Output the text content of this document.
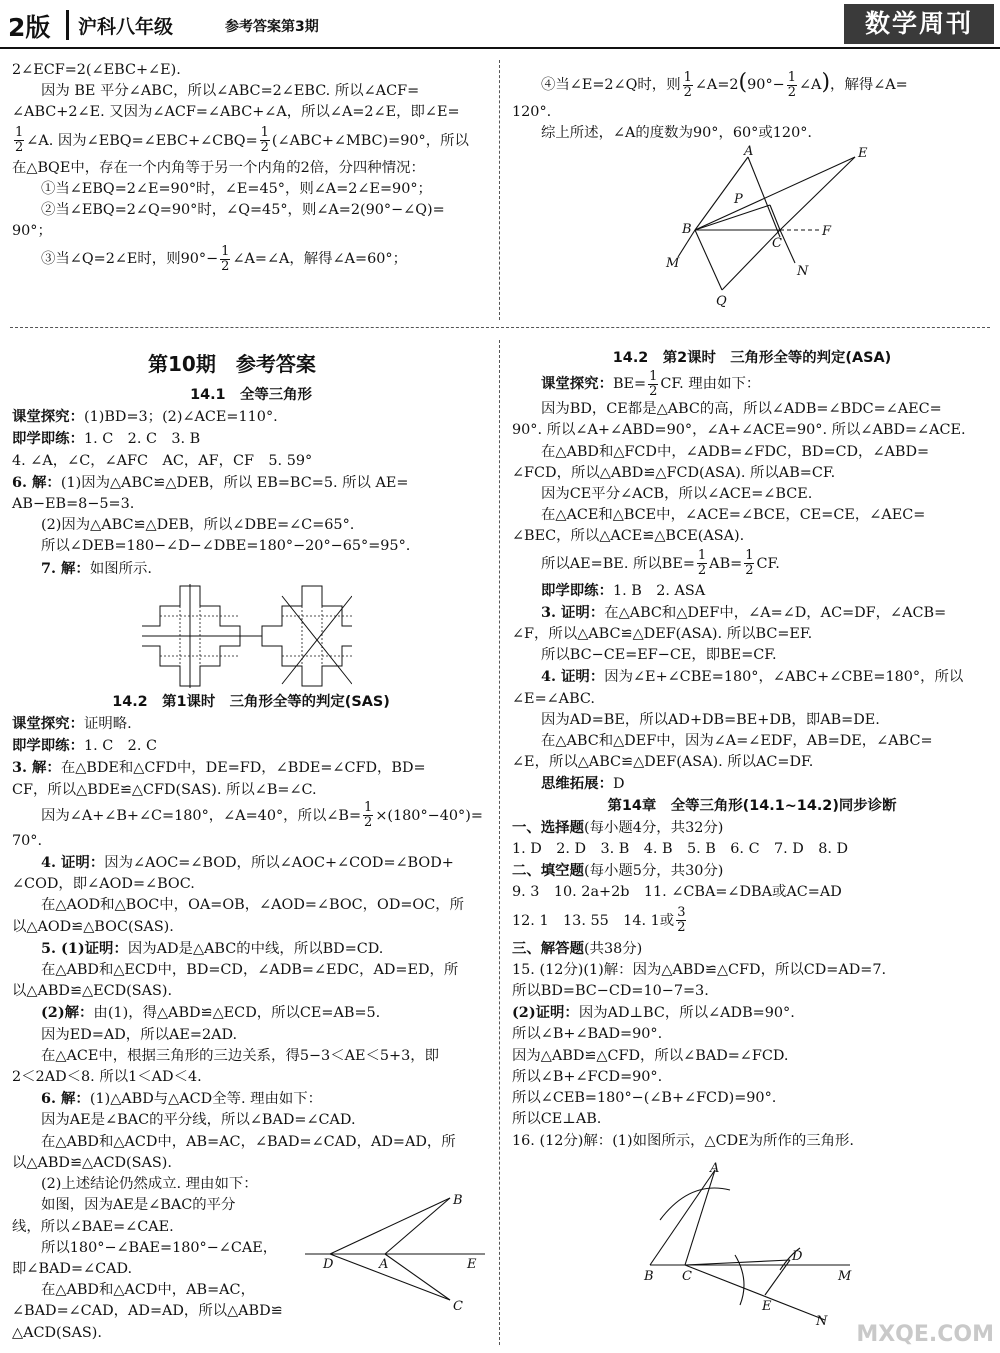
2版 沪科八年级	参考答案第3期	数学周刊

2∠ECF=2(∠EBC+∠E).

因为 BE 平分∠ABC，所以∠ABC=2∠EBC. 所以∠ACF=

∠ABC+2∠E. 又因为∠ACF=∠ABC+∠A，所以∠A=2∠E，即∠E=

$\frac{1}{2}$ ∠A. 因为∠EBQ=∠EBC+∠CBQ= $\frac{1}{2}$ (∠ABC+∠MBC)=90°，所以

在△BQE中，存在一个内角等于另一个内角的2倍，分四种情况：

①当∠EBQ=2∠E=90°时，∠E=45°，则∠A=2∠E=90°；

②当∠EBQ=2∠Q=90°时，∠Q=45°，则∠A=2(90°−∠Q)=

90°；

③当∠Q=2∠E时，则$90^\circ- \frac{1}{2}$ ∠A=∠A，解得∠A=60°；

④当∠E=2∠Q时，则 $\frac{1}{2}$ ∠A=2(90°− $\frac{1}{2}$ ∠A)，解得∠A=

120°.

综上所述，∠A的度数为90°，60°或120°.

A	E
P
B
C
F
M
N
Q
第10期　参考答案

14.1　全等三角形

课堂探究：(1)BD=3；(2)∠ACE=110°.

即学即练：1. C　2. C　3. B

4. ∠A，∠C，∠AFC　AC，AF，CF　5. 59°

6. 解：(1)因为△ABC≌△DEB，所以 EB=BC=5. 所以 AE=

AB−EB=8−5=3.

(2)因为△ABC≌△DEB，所以∠DBE=∠C=65°.

所以∠DEB=180−∠D−∠DBE=180°−20°−65°=95°.

7. 解：如图所示.

14.2　第1课时　三角形全等的判定(SAS)

课堂探究：证明略.

即学即练：1. C　2. C

3. 解：在△BDE和△CFD中，DE=FD，∠BDE=∠CFD，BD=

CF，所以△BDE≌△CFD(SAS). 所以∠B=∠C.

因为∠A+∠B+∠C=180°，∠A=40°，所以∠B= $\frac{1}{2} \times(180^\circ-40^\circ)=$

70°.

4. 证明：因为∠AOC=∠BOD，所以∠AOC+∠COD=∠BOD+

∠COD，即∠AOD=∠BOC.

在△AOD和△BOC中，OA=OB，∠AOD=∠BOC，OD=OC，所

以△AOD≌△BOC(SAS).

5. (1)证明：因为AD是△ABC的中线，所以BD=CD.

在△ABD和△ECD中，BD=CD，∠ADB=∠EDC，AD=ED，所

以△ABD≌△ECD(SAS).

(2)解：由(1)，得△ABD≌△ECD，所以CE=AB=5.

因为ED=AD，所以AE=2AD.

在△ACE中，根据三角形的三边关系，得5−3＜AE＜5+3，即

2＜2AD＜8. 所以1＜AD＜4.

6. 解：(1)△ABD与△ACD全等. 理由如下：

因为AE是∠BAC的平分线，所以∠BAD=∠CAD.

在△ABD和△ACD中，AB=AC，∠BAD=∠CAD，AD=AD，所

以△ABD≌△ACD(SAS).

(2)上述结论仍然成立. 理由如下：

如图，因为AE是∠BAC的平分

线，所以∠BAE=∠CAE.

所以180°−∠BAE=180°−∠CAE，

即∠BAD=∠CAD.

在△ABD和△ACD中，AB=AC，

∠BAD=∠CAD，AD=AD，所以△ABD≌

△ACD(SAS).

B
D	A	E
C

14.2　第2课时　三角形全等的判定(ASA)

课堂探究：$BE= \frac{1}{2}$ CF. 理由如下：

因为BD，CE都是△ABC的高，所以∠ADB=∠BDC=∠AEC=

90°. 所以∠A+∠ABD=90°，∠A+∠ACE=90°. 所以∠ABD=∠ACE.

在△ABD和△FCD中，∠ADB=∠FDC，BD=CD，∠ABD=

∠FCD，所以△ABD≌△FCD(ASA). 所以AB=CF.

因为CE平分∠ACB，所以∠ACE=∠BCE.

在△ACE和△BCE中，∠ACE=∠BCE，CE=CE，∠AEC=

∠BEC，所以△ACE≌△BCE(ASA).

所以AE=BE. 所以$BE= \frac{1}{2} AB= \frac{1}{2}$ CF.

即学即练：1. B　2. ASA

3. 证明：在△ABC和△DEF中，∠A=∠D，AC=DF，∠ACB=

∠F，所以△ABC≌△DEF(ASA). 所以BC=EF.

所以BC−CE=EF−CE，即BE=CF.

4. 证明：因为∠E+∠CBE=180°，∠ABC+∠CBE=180°，所以

∠E=∠ABC.

因为AD=BE，所以AD+DB=BE+DB，即AB=DE.

在△ABC和△DEF中，因为∠A=∠EDF，AB=DE，∠ABC=

∠E，所以△ABC≌△DEF(ASA). 所以AC=DF.

思维拓展：D

第14章　全等三角形(14.1~14.2)同步诊断

一、选择题(每小题4分，共32分)

1. D　2. D　3. B　4. B　5. B　6. C　7. D　8. D

二、填空题(每小题5分，共30分)

9. 3　10. 2a+2b　11. ∠CBA=∠DBA或AC=AD

12. 1　13. 55　14. 1或 $\frac{3}{2}$

三、解答题(共38分)

15. (12分)(1)解：因为△ABD≌△CFD，所以CD=AD=7.

所以BD=BC−CD=10−7=3.

(2)证明：因为AD⊥BC，所以∠ADB=90°.

所以∠B+∠BAD=90°.

因为△ABD≌△CFD，所以∠BAD=∠FCD.

所以∠B+∠FCD=90°.

所以∠CEB=180°−(∠B+∠FCD)=90°.

所以CE⊥AB.

16. (12分)解：(1)如图所示，△CDE为所作的三角形.

A
D
B C	M
E
N
MXQE.COM
